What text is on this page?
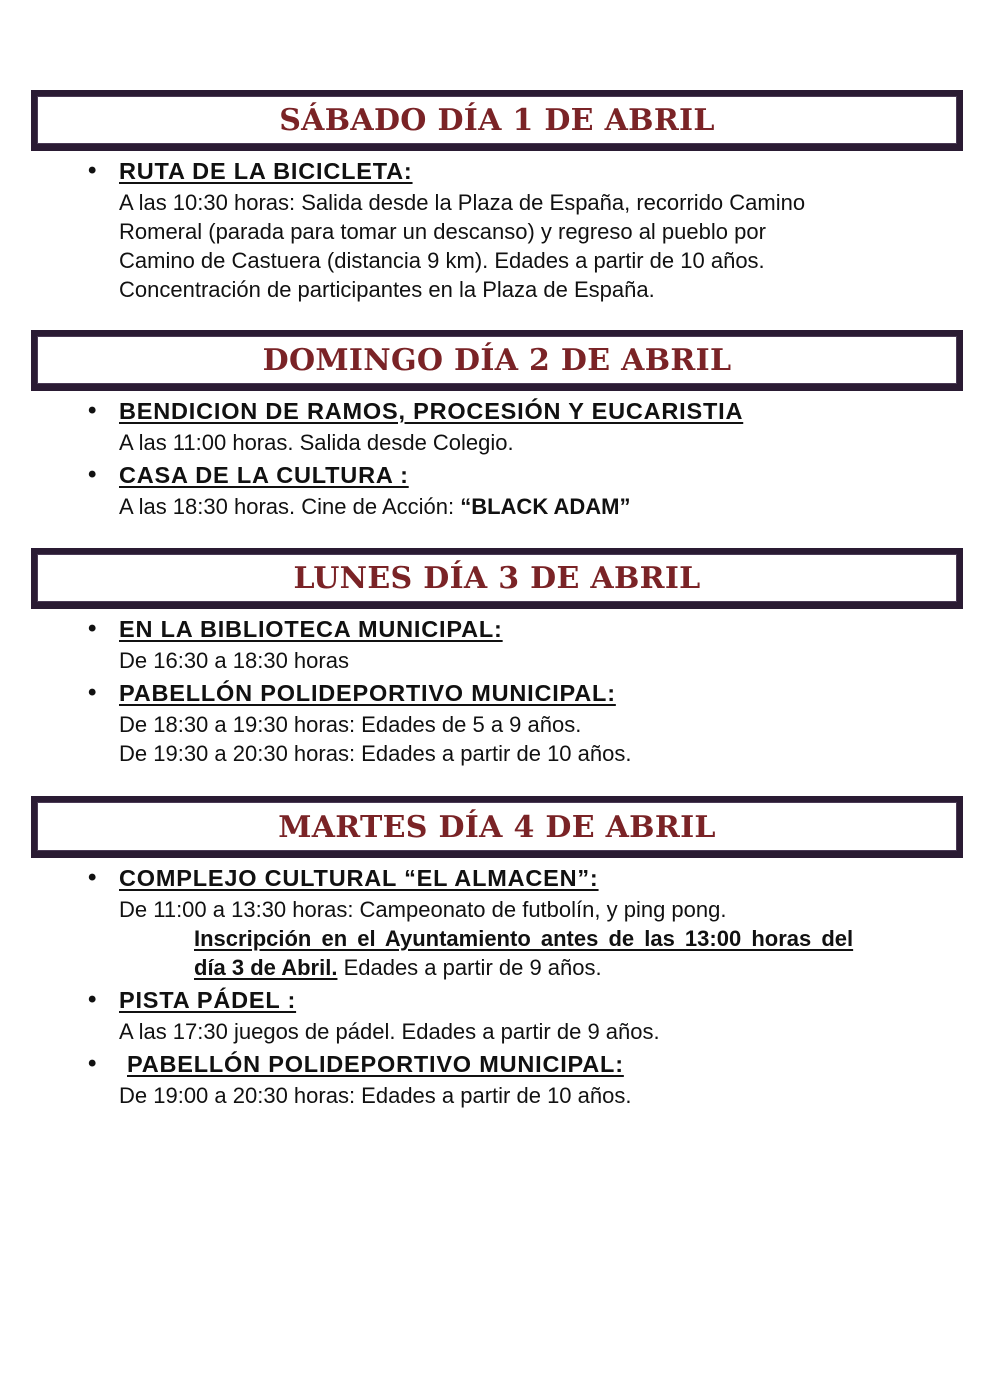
SÁBADO DÍA 1 DE ABRIL
• RUTA DE LA BICICLETA:
A las 10:30 horas: Salida desde la Plaza de España, recorrido Camino
Romeral (parada para tomar un descanso) y regreso al pueblo por
Camino de Castuera (distancia 9 km). Edades a partir de 10 años.
Concentración de participantes en la Plaza de España.
DOMINGO DÍA 2 DE ABRIL
• BENDICION DE RAMOS, PROCESIÓN Y EUCARISTIA
A las 11:00 horas. Salida desde Colegio.
• CASA DE LA CULTURA :
A las 18:30 horas. Cine de Acción: “BLACK ADAM”
LUNES DÍA 3 DE ABRIL
• EN LA BIBLIOTECA MUNICIPAL:
De 16:30 a 18:30 horas
• PABELLÓN POLIDEPORTIVO MUNICIPAL:
De 18:30 a 19:30 horas: Edades de 5 a 9 años.
De 19:30 a 20:30 horas: Edades a partir de 10 años.
MARTES DÍA 4 DE ABRIL
• COMPLEJO CULTURAL “EL ALMACEN”:
De 11:00 a 13:30 horas: Campeonato de futbolín, y ping pong.
Inscripción en el Ayuntamiento antes de las 13:00 horas del
día 3 de Abril. Edades a partir de 9 años.
• PISTA PÁDEL :
A las 17:30 juegos de pádel. Edades a partir de 9 años.
• PABELLÓN POLIDEPORTIVO MUNICIPAL:
De 19:00 a 20:30 horas: Edades a partir de 10 años.
